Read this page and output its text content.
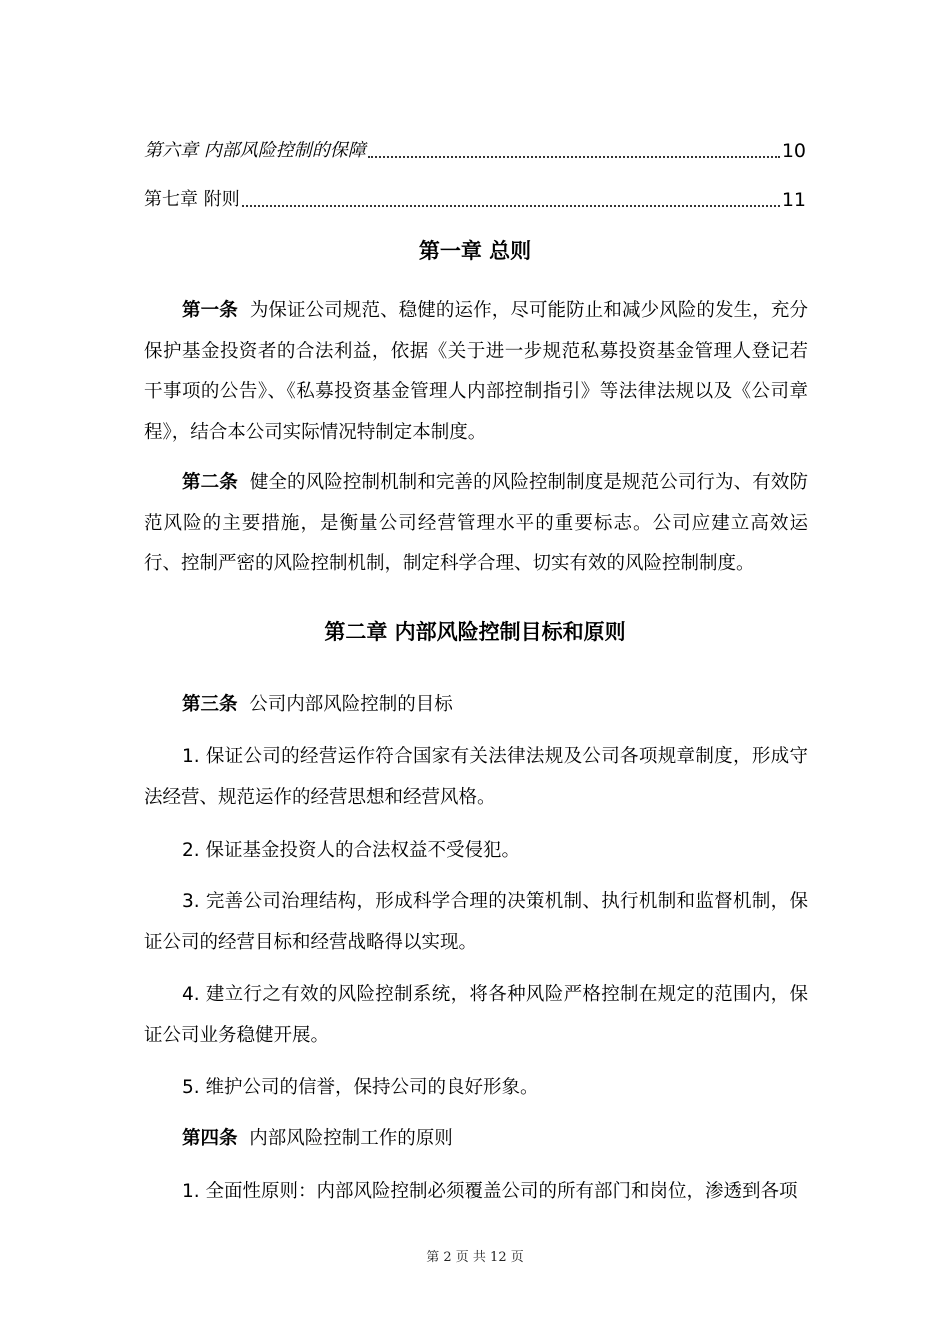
第六章 内部风险控制的保障	10
第七章 附则	11
第一章 总则

第一条 为保证公司规范、稳健的运作，尽可能防止和减少风险的发生，充分保护基金投资者的合法利益，依据《关于进一步规范私募投资基金管理人登记若干事项的公告》、《私募投资基金管理人内部控制指引》等法律法规以及《公司章程》，结合本公司实际情况特制定本制度。

第二条 健全的风险控制机制和完善的风险控制制度是规范公司行为、有效防范风险的主要措施，是衡量公司经营管理水平的重要标志。公司应建立高效运行、控制严密的风险控制机制，制定科学合理、切实有效的风险控制制度。

第二章 内部风险控制目标和原则

第三条 公司内部风险控制的目标

1. 保证公司的经营运作符合国家有关法律法规及公司各项规章制度，形成守法经营、规范运作的经营思想和经营风格。

2. 保证基金投资人的合法权益不受侵犯。

3. 完善公司治理结构，形成科学合理的决策机制、执行机制和监督机制，保证公司的经营目标和经营战略得以实现。

4. 建立行之有效的风险控制系统，将各种风险严格控制在规定的范围内，保证公司业务稳健开展。

5. 维护公司的信誉，保持公司的良好形象。

第四条 内部风险控制工作的原则

1. 全面性原则：内部风险控制必须覆盖公司的所有部门和岗位，渗透到各项

第 2 页 共 12 页
